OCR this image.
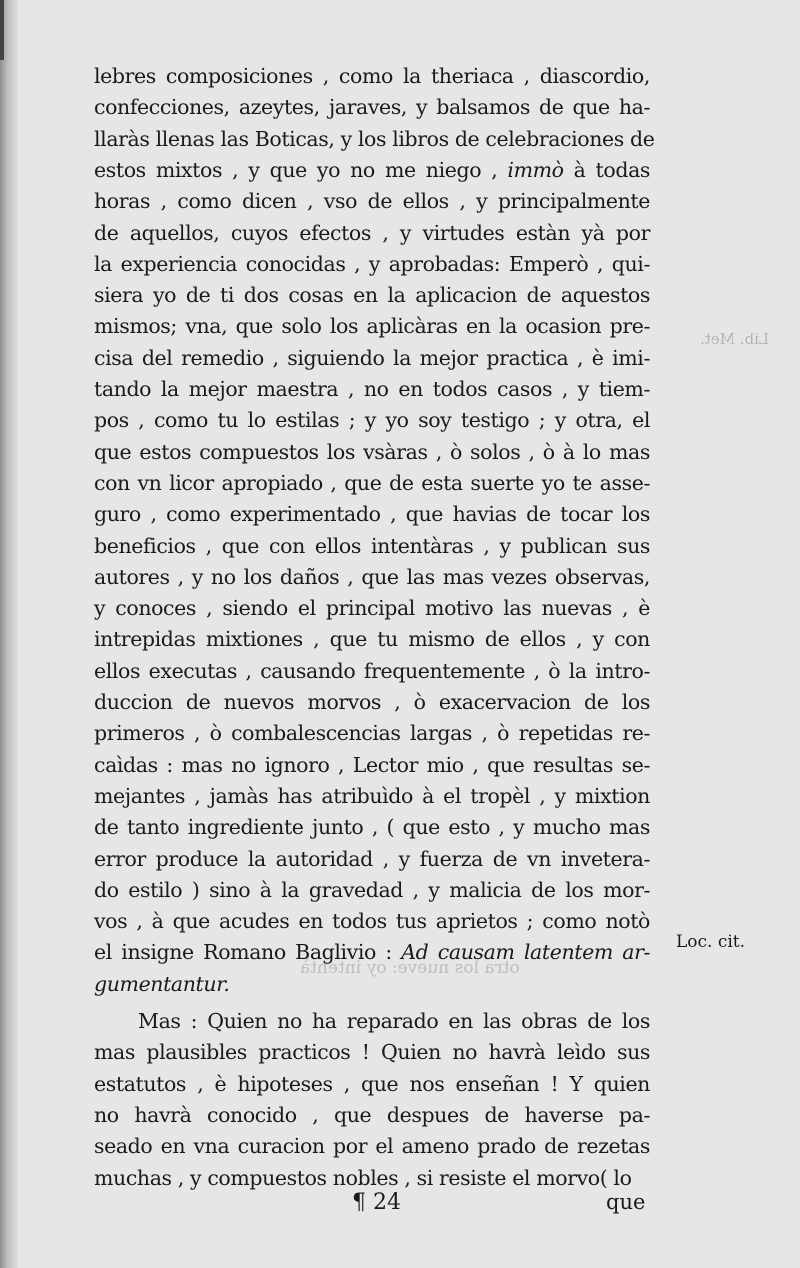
Lib. Met.
otra los nueve: oy intentà
lebres composiciones , como la theriaca , diascordio,
confecciones, azeytes, jaraves, y balsamos de que ha-
llaràs llenas las Boticas, y los libros de celebraciones de
estos mixtos , y que yo no me niego , immò à todas
horas , como dicen , vso de ellos , y principalmente
de aquellos, cuyos efectos , y virtudes estàn yà por
la experiencia conocidas , y aprobadas: Emperò , qui-
siera yo de ti dos cosas en la aplicacion de aquestos
mismos; vna, que solo los aplicàras en la ocasion pre-
cisa del remedio , siguiendo la mejor practica , è imi-
tando la mejor maestra , no en todos casos , y tiem-
pos , como tu lo estilas ; y yo soy testigo ; y otra, el
que estos compuestos los vsàras , ò solos , ò à lo mas
con vn licor apropiado , que de esta suerte yo te asse-
guro , como experimentado , que havias de tocar los
beneficios , que con ellos intentàras , y publican sus
autores , y no los daños , que las mas vezes observas,
y conoces , siendo el principal motivo las nuevas , è
intrepidas mixtiones , que tu mismo de ellos , y con
ellos executas , causando frequentemente , ò la intro-
duccion de nuevos morvos , ò exacervacion de los
primeros , ò combalescencias largas , ò repetidas re-
caìdas : mas no ignoro , Lector mio , que resultas se-
mejantes , jamàs has atribuìdo à el tropèl , y mixtion
de tanto ingrediente junto , ( que esto , y mucho mas
error produce la autoridad , y fuerza de vn invetera-
do estilo ) sino à la gravedad , y malicia de los mor-
vos , à que acudes en todos tus aprietos ; como notò
el insigne Romano Baglivio : Ad causam latentem ar-
gumentantur.
Mas : Quien no ha reparado en las obras de los
mas plausibles practicos ! Quien no havrà leìdo sus
estatutos , è hipoteses , que nos enseñan ! Y quien
no havrà conocido , que despues de haverse pa-
seado en vna curacion por el ameno prado de rezetas
muchas , y compuestos nobles , si resiste el morvo( lo
Loc. cit.
¶ 24	que
